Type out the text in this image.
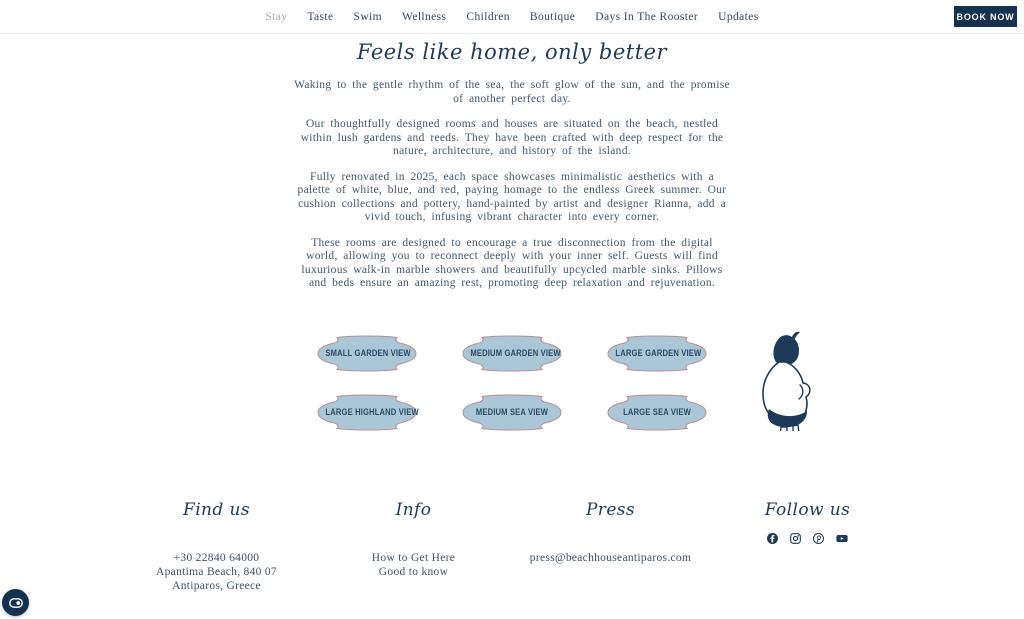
Stay Taste Swim Wellness Children Boutique Days In The Rooster Updates	BOOK NOW
Feels like home, only better

Waking to the gentle rhythm of the sea, the soft glow of the sun, and the promise of another perfect day.

Our thoughtfully designed rooms and houses are situated on the beach, nestled within lush gardens and reeds. They have been crafted with deep respect for the nature, architecture, and history of the island.

Fully renovated in 2025, each space showcases minimalistic aesthetics with a palette of white, blue, and red, paying homage to the endless Greek summer. Our cushion collections and pottery, hand-painted by artist and designer Rianna, add a vivid touch, infusing vibrant character into every corner.

These rooms are designed to encourage a true disconnection from the digital world, allowing you to reconnect deeply with your inner self. Guests will find luxurious walk-in marble showers and beautifully upcycled marble sinks. Pillows and beds ensure an amazing rest, promoting deep relaxation and rejuvenation.

SMALL GARDEN VIEW	MEDIUM GARDEN VIEW	LARGE GARDEN VIEW
LARGE HIGHLAND VIEW	MEDIUM SEA VIEW	LARGE SEA VIEW
Find us
+30 22840 64000
Apantima Beach, 840 07
Antiparos, Greece
Info
How to Get Here
Good to know
Press
press@beachhouseantiparos.com
Follow us
